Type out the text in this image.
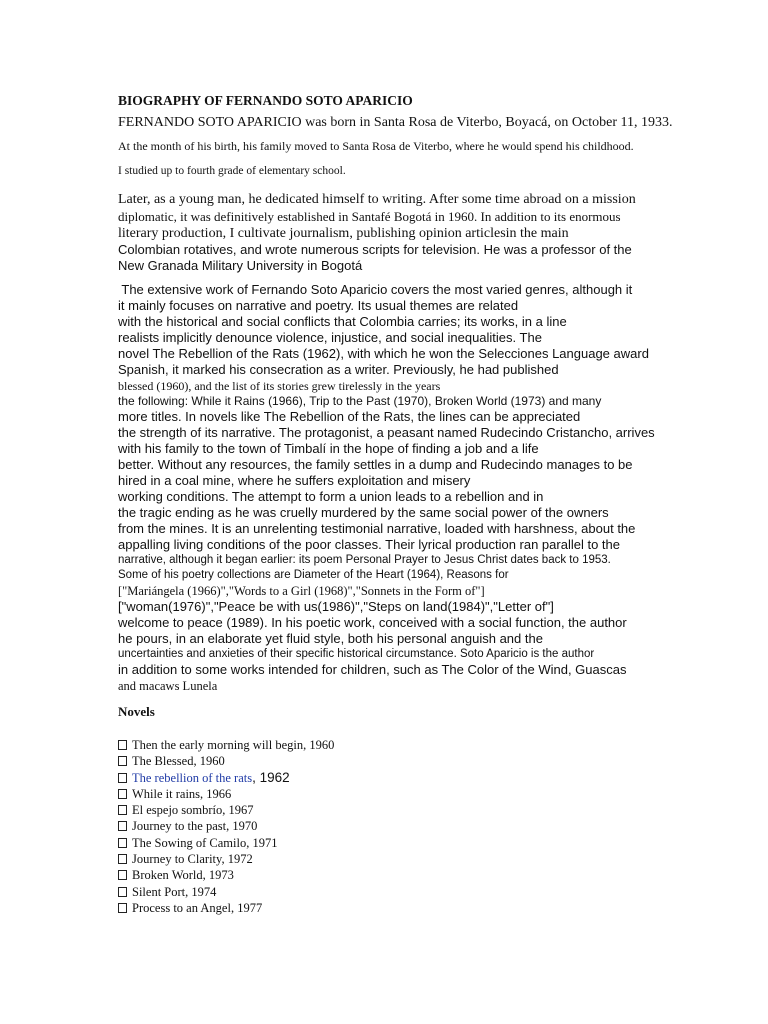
BIOGRAPHY OF FERNANDO SOTO APARICIO

FERNANDO SOTO APARICIO was born in Santa Rosa de Viterbo, Boyacá, on October 11, 1933.

At the month of his birth, his family moved to Santa Rosa de Viterbo, where he would spend his childhood.

I studied up to fourth grade of elementary school.

Later, as a young man, he dedicated himself to writing. After some time abroad on a mission
diplomatic, it was definitively established in Santafé Bogotá in 1960. In addition to its enormous
literary production, I cultivate journalism, publishing opinion articlesin the main
Colombian rotatives, and wrote numerous scripts for television. He was a professor of the
New Granada Military University in Bogotá
The extensive work of Fernando Soto Aparicio covers the most varied genres, although it
it mainly focuses on narrative and poetry. Its usual themes are related
with the historical and social conflicts that Colombia carries; its works, in a line
realists implicitly denounce violence, injustice, and social inequalities. The
novel The Rebellion of the Rats (1962), with which he won the Selecciones Language award
Spanish, it marked his consecration as a writer. Previously, he had published
blessed (1960), and the list of its stories grew tirelessly in the years
the following: While it Rains (1966), Trip to the Past (1970), Broken World (1973) and many
more titles. In novels like The Rebellion of the Rats, the lines can be appreciated
the strength of its narrative. The protagonist, a peasant named Rudecindo Cristancho, arrives
with his family to the town of Timbalí in the hope of finding a job and a life
better. Without any resources, the family settles in a dump and Rudecindo manages to be
hired in a coal mine, where he suffers exploitation and misery
working conditions. The attempt to form a union leads to a rebellion and in
the tragic ending as he was cruelly murdered by the same social power of the owners
from the mines. It is an unrelenting testimonial narrative, loaded with harshness, about the
appalling living conditions of the poor classes. Their lyrical production ran parallel to the
narrative, although it began earlier: its poem Personal Prayer to Jesus Christ dates back to 1953.
Some of his poetry collections are Diameter of the Heart (1964), Reasons for
["Mariángela (1966)","Words to a Girl (1968)","Sonnets in the Form of"]
["woman(1976)","Peace be with us(1986)","Steps on land(1984)","Letter of"]
welcome to peace (1989). In his poetic work, conceived with a social function, the author
he pours, in an elaborate yet fluid style, both his personal anguish and the
uncertainties and anxieties of their specific historical circumstance. Soto Aparicio is the author
in addition to some works intended for children, such as The Color of the Wind, Guascas
and macaws Lunela
Novels
Then the early morning will begin, 1960
The Blessed, 1960
The rebellion of the rats, 1962
While it rains, 1966
El espejo sombrío, 1967
Journey to the past, 1970
The Sowing of Camilo, 1971
Journey to Clarity, 1972
Broken World, 1973
Silent Port, 1974
Process to an Angel, 1977
